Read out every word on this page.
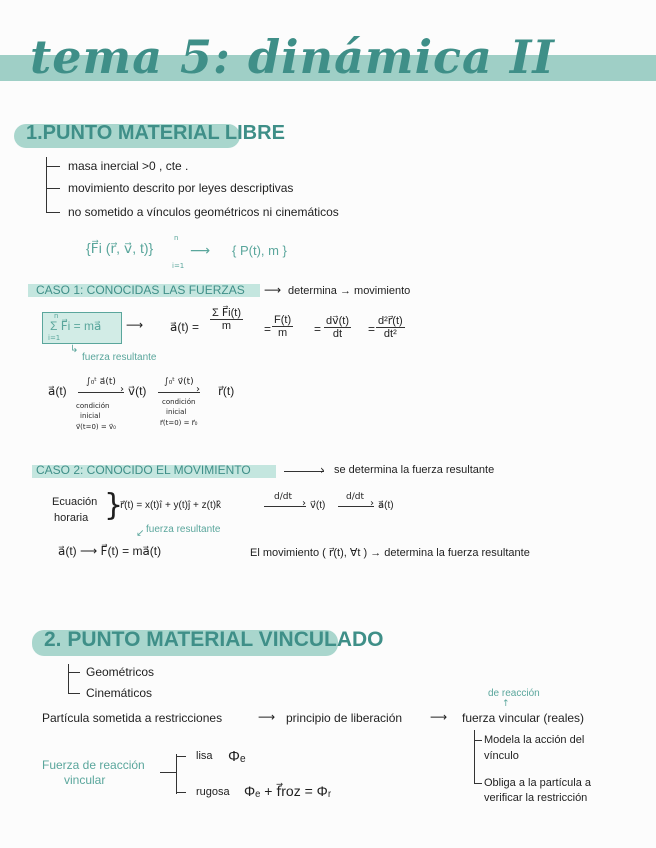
tema 5: dinámica II
1.PUNTO MATERIAL LIBRE
masa inercial >0 , cte .
movimiento descrito por leyes descriptivas
no sometido a vínculos geométricos ni cinemáticos
{F⃗i (r⃗, v⃗, t)}
n
i=1
⟶ { P(t), m }
CASO 1: CONOCIDAS LAS FUERZAS ⟶ determina → movimiento
Σ F⃗i = ma⃗
n
i=1
↳
fuerza resultante
⟶ a⃗(t) = $\frac{\text{Σ F⃗i(t)}}{m} = \frac{F(t)}{m} = \frac{dv⃗(t)}{dt} = \frac{\text{d²r⃗(t)}}{\text{dt²}}$
a⃗(t)
∫₀ᵗ a⃗(t)
›
condición
inicial
v⃗(t=0) = v⃗₀
v⃗(t)
∫₀ᵗ v⃗(t)
›
condición
inicial
r⃗(t=0) = r⃗₀
r⃗(t)
CASO 2: CONOCIDO EL MOVIMIENTO	› se determina la fuerza resultante
Ecuación
horaria }
r⃗(t) = x(t)î + y(t)ĵ + z(t)k̂
d/dt
› v⃗(t)
d/dt
› a⃗(t)
↙ fuerza resultante
a⃗(t) ⟶ F⃗(t) = ma⃗(t)	El movimiento ( r⃗(t), ∀t ) → determina la fuerza resultante
2. PUNTO MATERIAL VINCULADO
Geométricos
Cinemáticos
Partícula sometida a restricciones	⟶ principio de liberación ⟶ fuerza vincular (reales)
de reacción
↑
Modela la acción del
vínculo
Obliga a la partícula a
verificar la restricción
Fuerza de reacción
vincular
lisa Φₑ
rugosa Φₑ + f⃗roz = Φᵣ
